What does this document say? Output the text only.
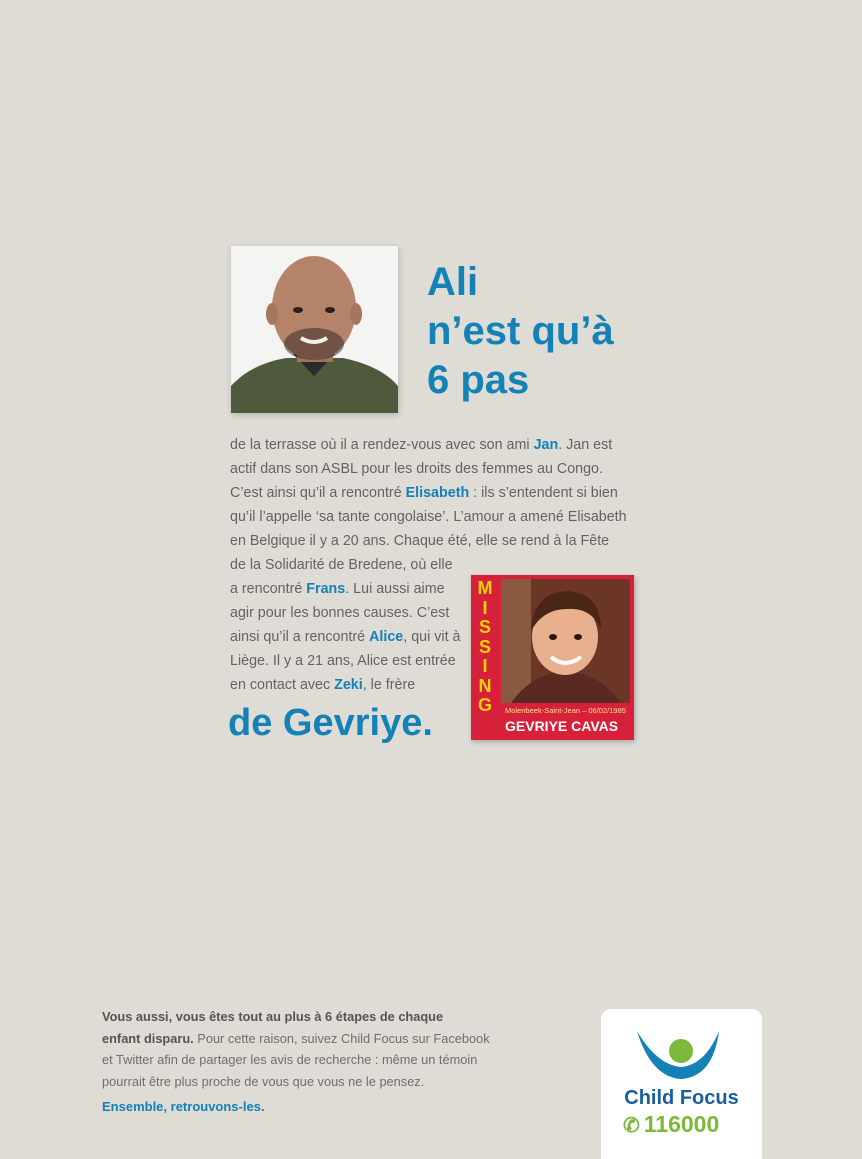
Ali
n’est qu’à
6 pas

de la terrasse où il a rendez-vous avec son ami Jan. Jan est

actif dans son ASBL pour les droits des femmes au Congo.

C’est ainsi qu’il a rencontré Elisabeth : ils s’entendent si bien

qu’il l’appelle ‘sa tante congolaise’. L’amour a amené Elisabeth

en Belgique il y a 20 ans. Chaque été, elle se rend à la Fête

de la Solidarité de Bredene, où elle

a rencontré Frans. Lui aussi aime

agir pour les bonnes causes. C’est

ainsi qu’il a rencontré Alice, qui vit à

Liège. Il y a 21 ans, Alice est entrée

en contact avec Zeki, le frère

de Gevriye.
M
I
S
S
I
N
G Molenbeek-Saint-Jean – 06/02/1985
GEVRIYE CAVAS

Vous aussi, vous êtes tout au plus à 6 étapes de chaque

enfant disparu. Pour cette raison, suivez Child Focus sur Facebook

et Twitter afin de partager les avis de recherche : même un témoin

pourrait être plus proche de vous que vous ne le pensez.

Ensemble, retrouvons-les.	Child Focus
✆ 116000
